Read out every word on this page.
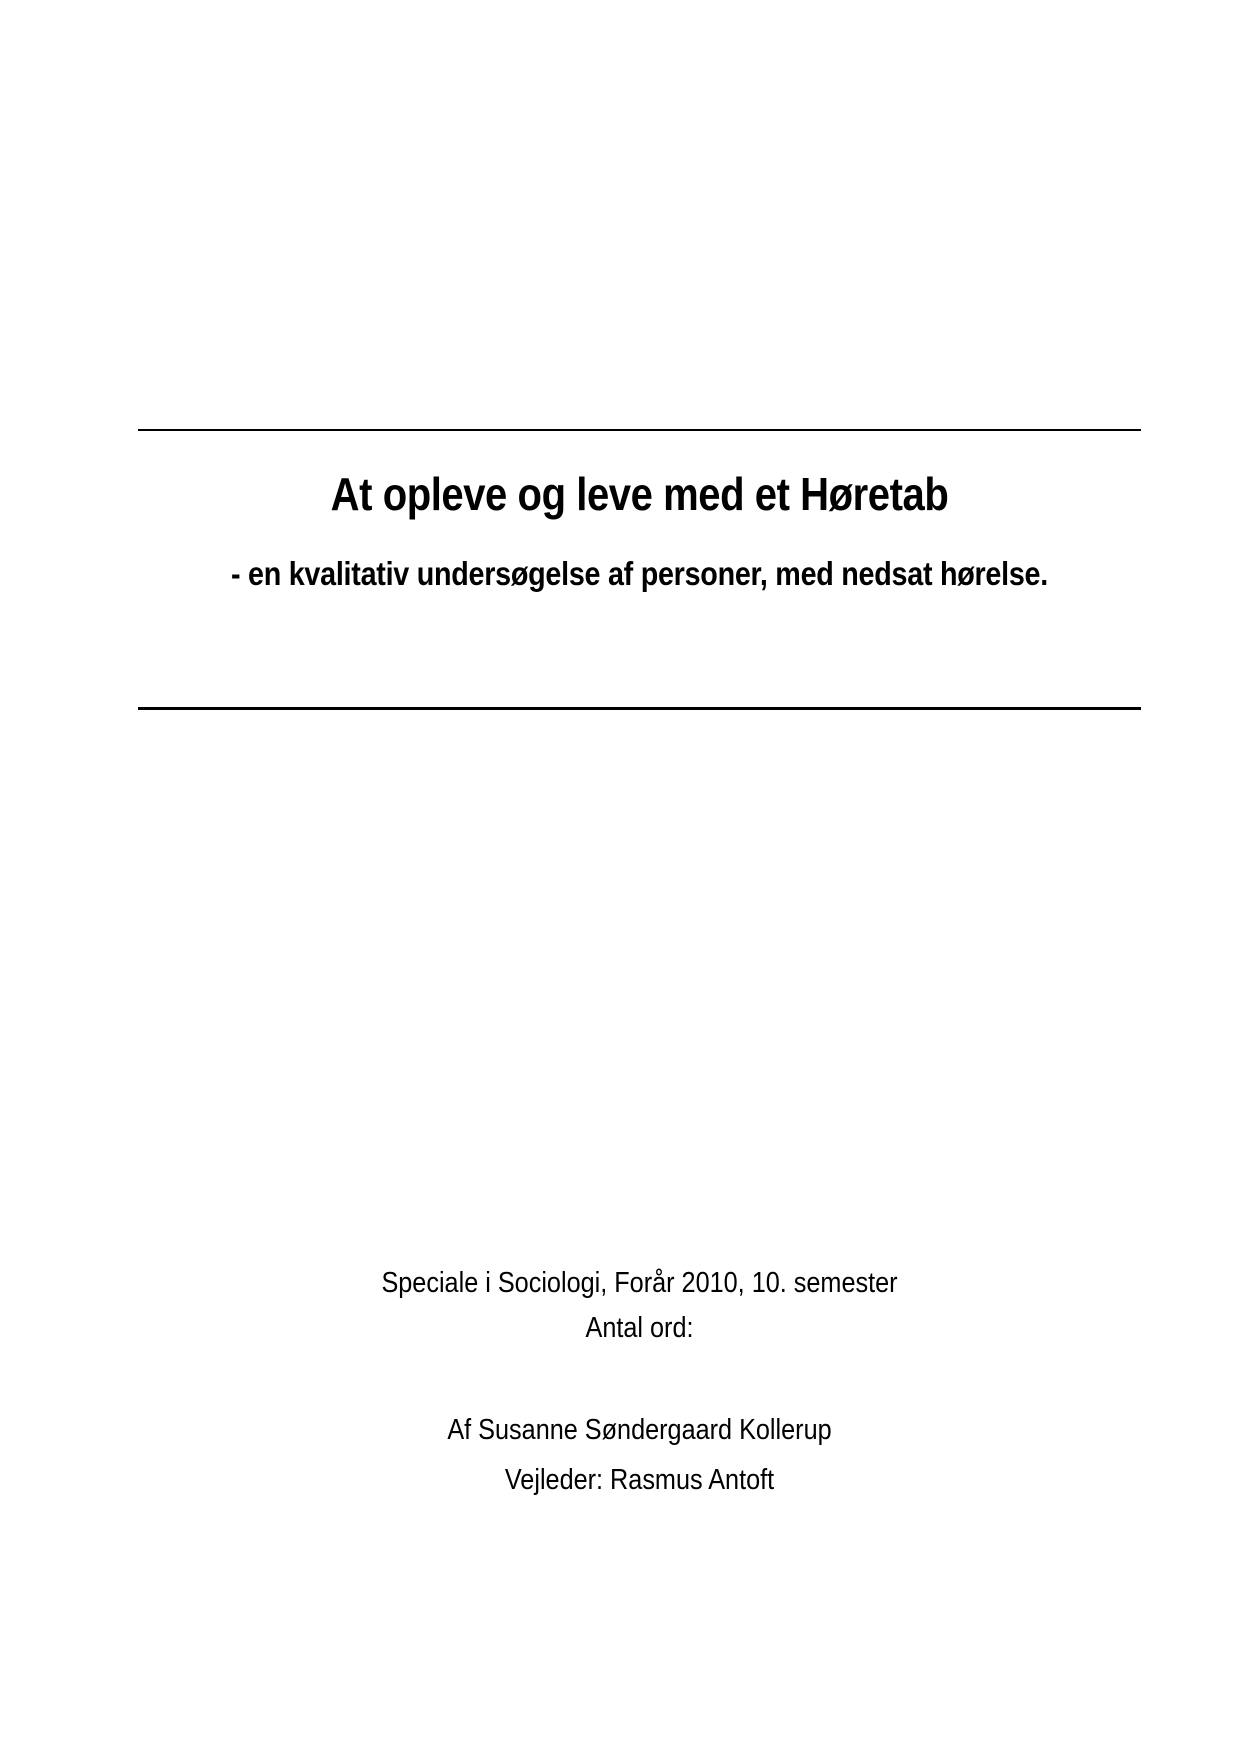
At opleve og leve med et Høretab
- en kvalitativ undersøgelse af personer, med nedsat hørelse.

Speciale i Sociologi, Forår 2010, 10. semester

Antal ord:

Af Susanne Søndergaard Kollerup

Vejleder: Rasmus Antoft
